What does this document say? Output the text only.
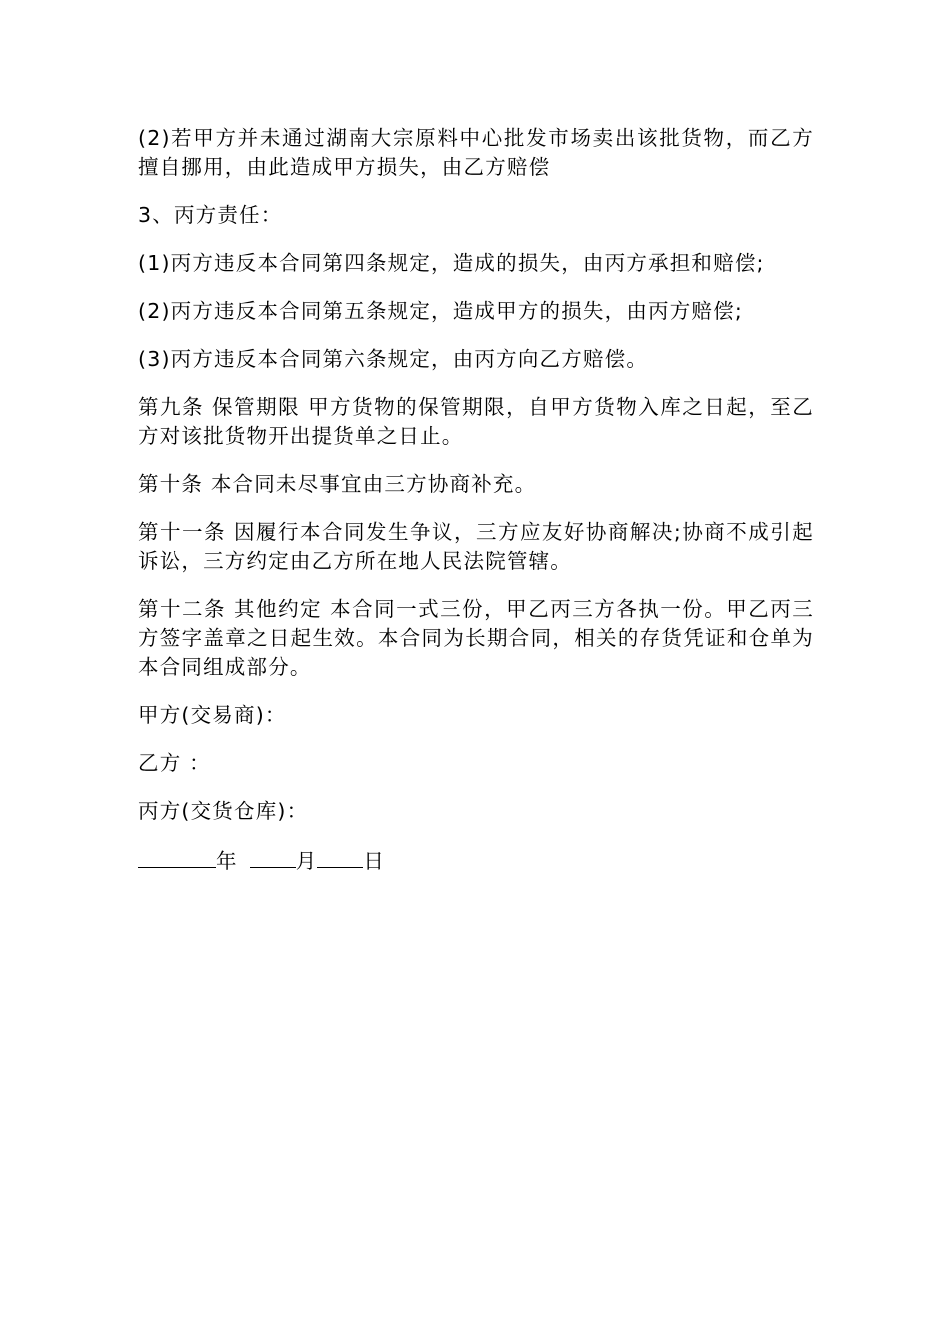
(2)若甲方并未通过湖南大宗原料中心批发市场卖出该批货物，而乙方擅自挪用，由此造成甲方损失，由乙方赔偿

3、丙方责任：

(1)丙方违反本合同第四条规定，造成的损失，由丙方承担和赔偿;

(2)丙方违反本合同第五条规定，造成甲方的损失，由丙方赔偿;

(3)丙方违反本合同第六条规定，由丙方向乙方赔偿。

第九条 保管期限 甲方货物的保管期限，自甲方货物入库之日起，至乙方对该批货物开出提货单之日止。

第十条 本合同未尽事宜由三方协商补充。

第十一条 因履行本合同发生争议，三方应友好协商解决;协商不成引起诉讼，三方约定由乙方所在地人民法院管辖。

第十二条 其他约定 本合同一式三份，甲乙丙三方各执一份。甲乙丙三方签字盖章之日起生效。本合同为长期合同，相关的存货凭证和仓单为本合同组成部分。

甲方(交易商)：

乙方 ：

丙方(交货仓库)：

年	月 日
